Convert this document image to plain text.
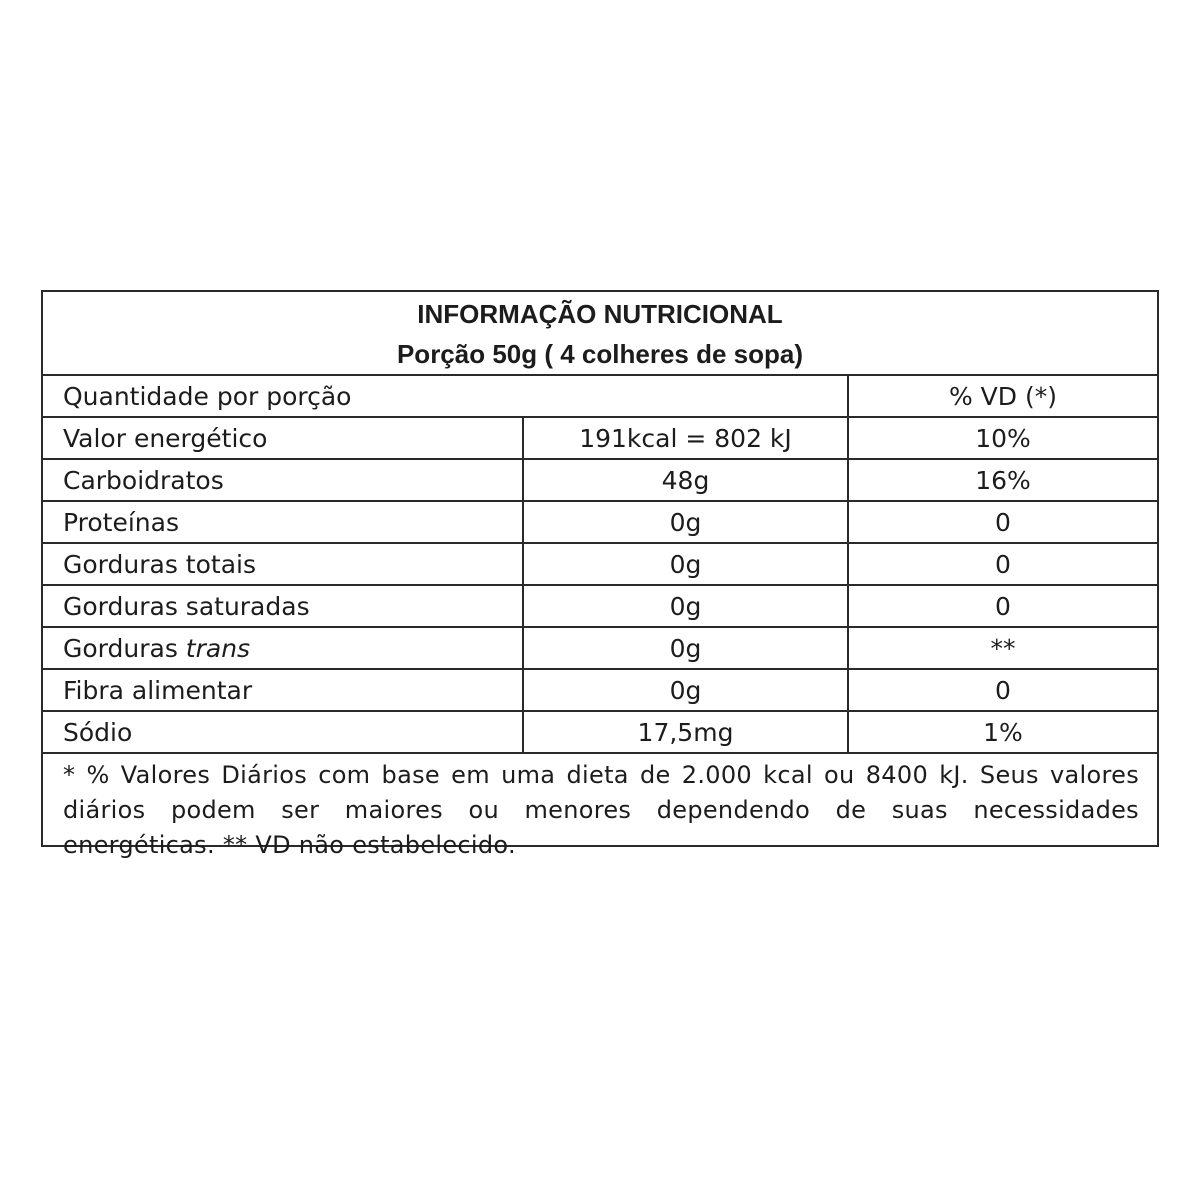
INFORMAÇÃO NUTRICIONAL
Porção 50g ( 4 colheres de sopa)
Quantidade por porção		% VD (*)
Valor energético	191kcal = 802 kJ	10%
Carboidratos	48g	16%
Proteínas	0g	0
Gorduras totais	0g	0
Gorduras saturadas	0g	0
Gorduras trans	0g	**
Fibra alimentar	0g	0
Sódio	17,5mg	1%
* % Valores Diários com base em uma dieta de 2.000 kcal ou 8400 kJ. Seus valores diários podem ser maiores ou menores dependendo de suas necessidades energéticas. ** VD não estabelecido.
